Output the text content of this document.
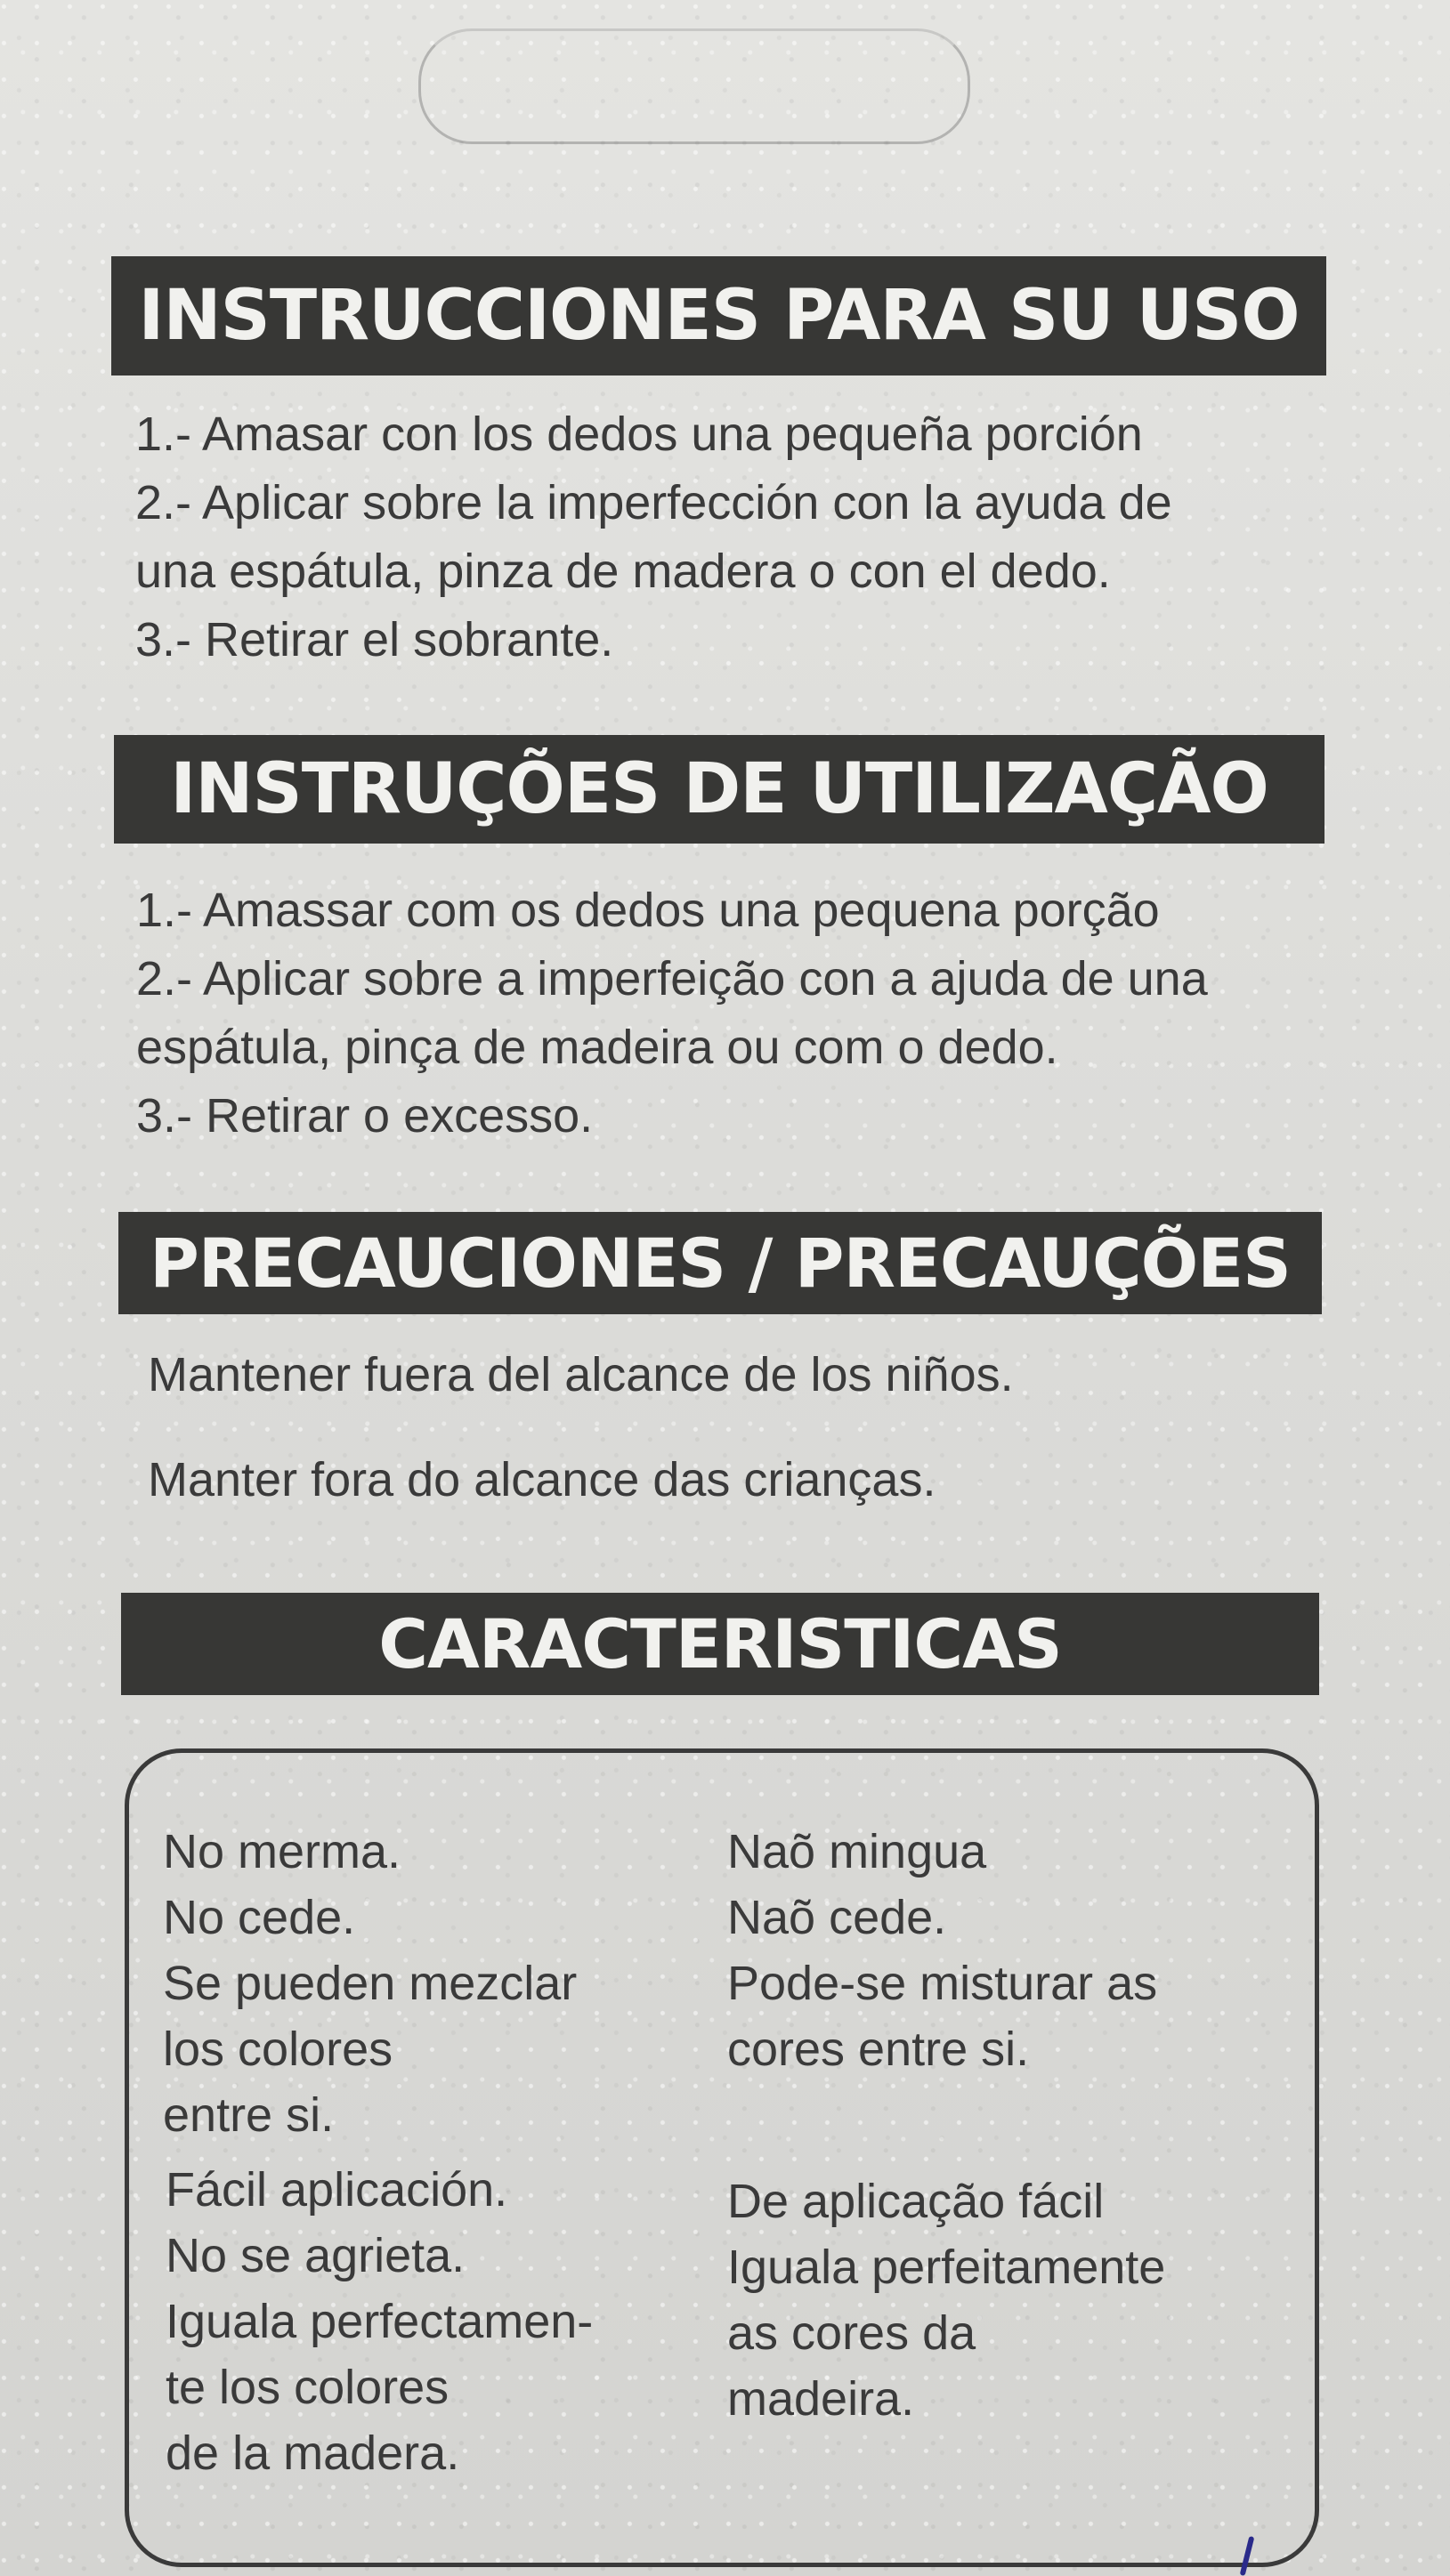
INSTRUCCIONES PARA SU USO
1.- Amasar con los dedos una pequeña porción
2.- Aplicar sobre la imperfección con la ayuda de
una espátula, pinza de madera o con el dedo.
3.- Retirar el sobrante.
INSTRUÇÕES DE UTILIZAÇÃO
1.- Amassar com os dedos una pequena porção
2.- Aplicar sobre a imperfeição con a ajuda de una
espátula, pinça de madeira ou com o dedo.
3.- Retirar o excesso.
PRECAUCIONES / PRECAUÇÕES
Mantener fuera del alcance de los niños.
Manter fora do alcance das crianças.
CARACTERISTICAS
No merma.
No cede.
Se pueden mezclar
los colores
entre si.
Fácil aplicación.
No se agrieta.
Iguala perfectamen-
te los colores
de la madera.
Naõ mingua
Naõ cede.
Pode-se misturar as
cores entre si.
De aplicação fácil
Iguala perfeitamente
as cores da
madeira.
